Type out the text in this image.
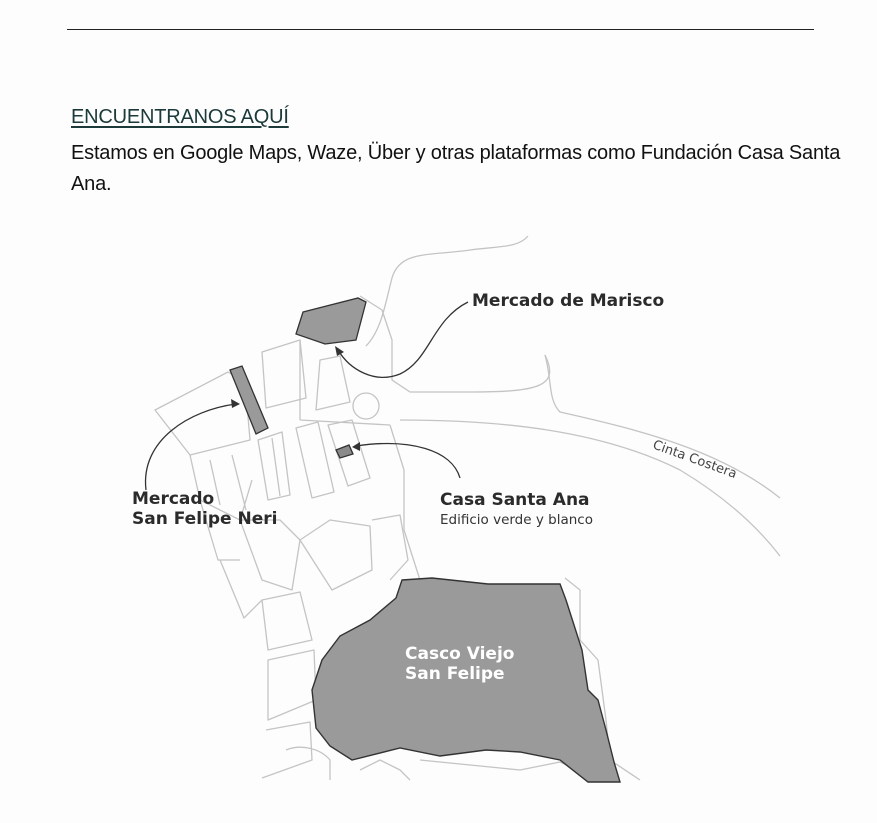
ENCUENTRANOS AQUÍ
Estamos en Google Maps, Waze, Über y otras plataformas como Fundación Casa Santa Ana.
Mercado de Marisco
Mercado
San Felipe Neri
Casa Santa Ana
Edificio verde y blanco
Casco Viejo
San Felipe
Cinta Costera
